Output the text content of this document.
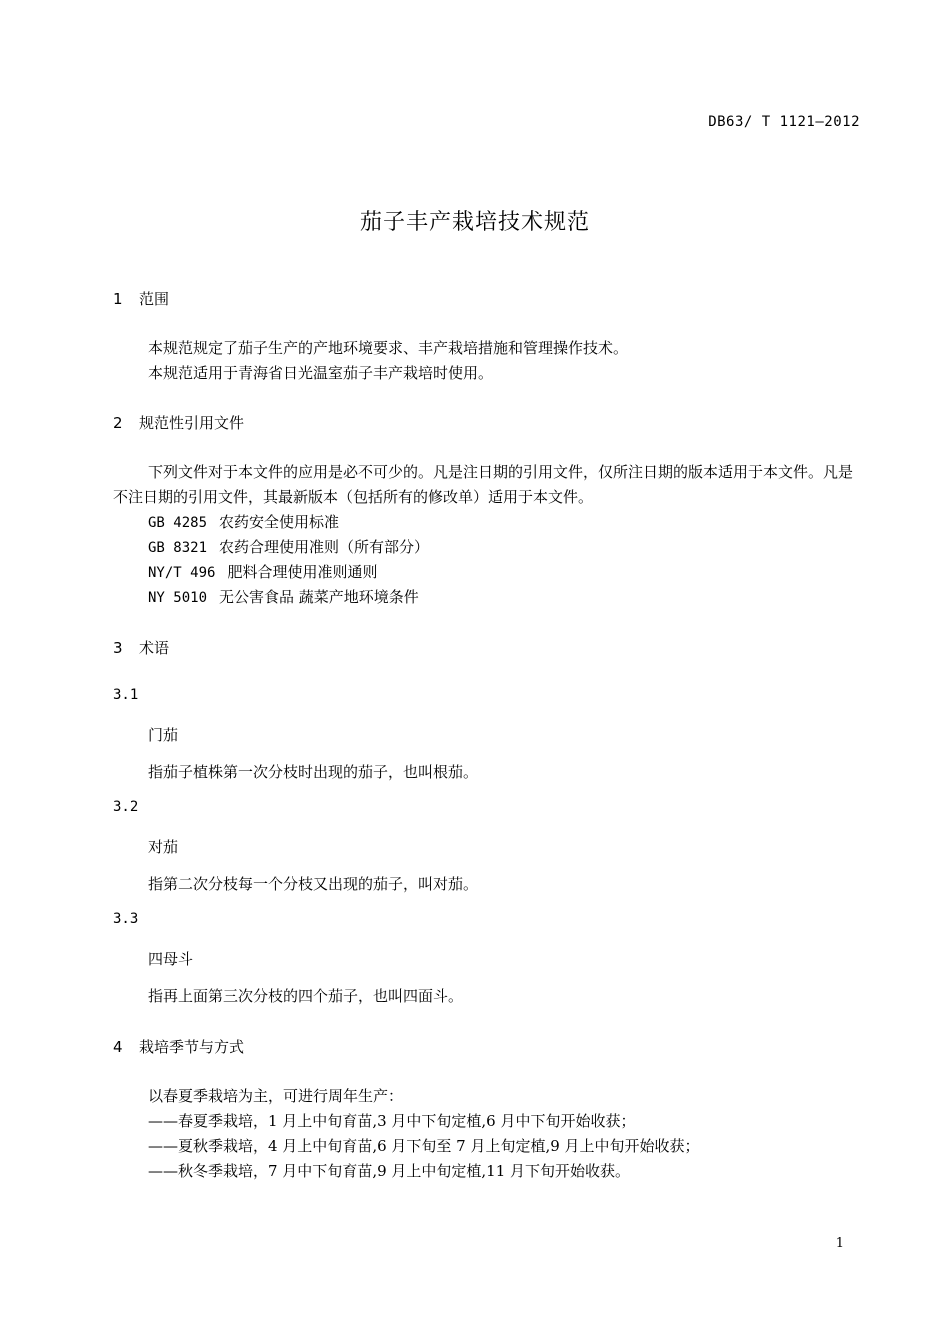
DB63/ T 1121—2012
茄子丰产栽培技术规范
1 范围
本规范规定了茄子生产的产地环境要求、丰产栽培措施和管理操作技术。
本规范适用于青海省日光温室茄子丰产栽培时使用。
2 规范性引用文件
下列文件对于本文件的应用是必不可少的。凡是注日期的引用文件，仅所注日期的版本适用于本文件。凡是不注日期的引用文件，其最新版本（包括所有的修改单）适用于本文件。
GB 4285 农药安全使用标准
GB 8321 农药合理使用准则（所有部分）
NY/T 496 肥料合理使用准则通则
NY 5010 无公害食品 蔬菜产地环境条件
3 术语
3.1
门茄
指茄子植株第一次分枝时出现的茄子，也叫根茄。
3.2
对茄
指第二次分枝每一个分枝又出现的茄子，叫对茄。
3.3
四母斗
指再上面第三次分枝的四个茄子，也叫四面斗。
4 栽培季节与方式
以春夏季栽培为主，可进行周年生产：
——春夏季栽培，1 月上中旬育苗,3 月中下旬定植,6 月中下旬开始收获；
——夏秋季栽培，4 月上中旬育苗,6 月下旬至 7 月上旬定植,9 月上中旬开始收获；
——秋冬季栽培，7 月中下旬育苗,9 月上中旬定植,11 月下旬开始收获。
1
